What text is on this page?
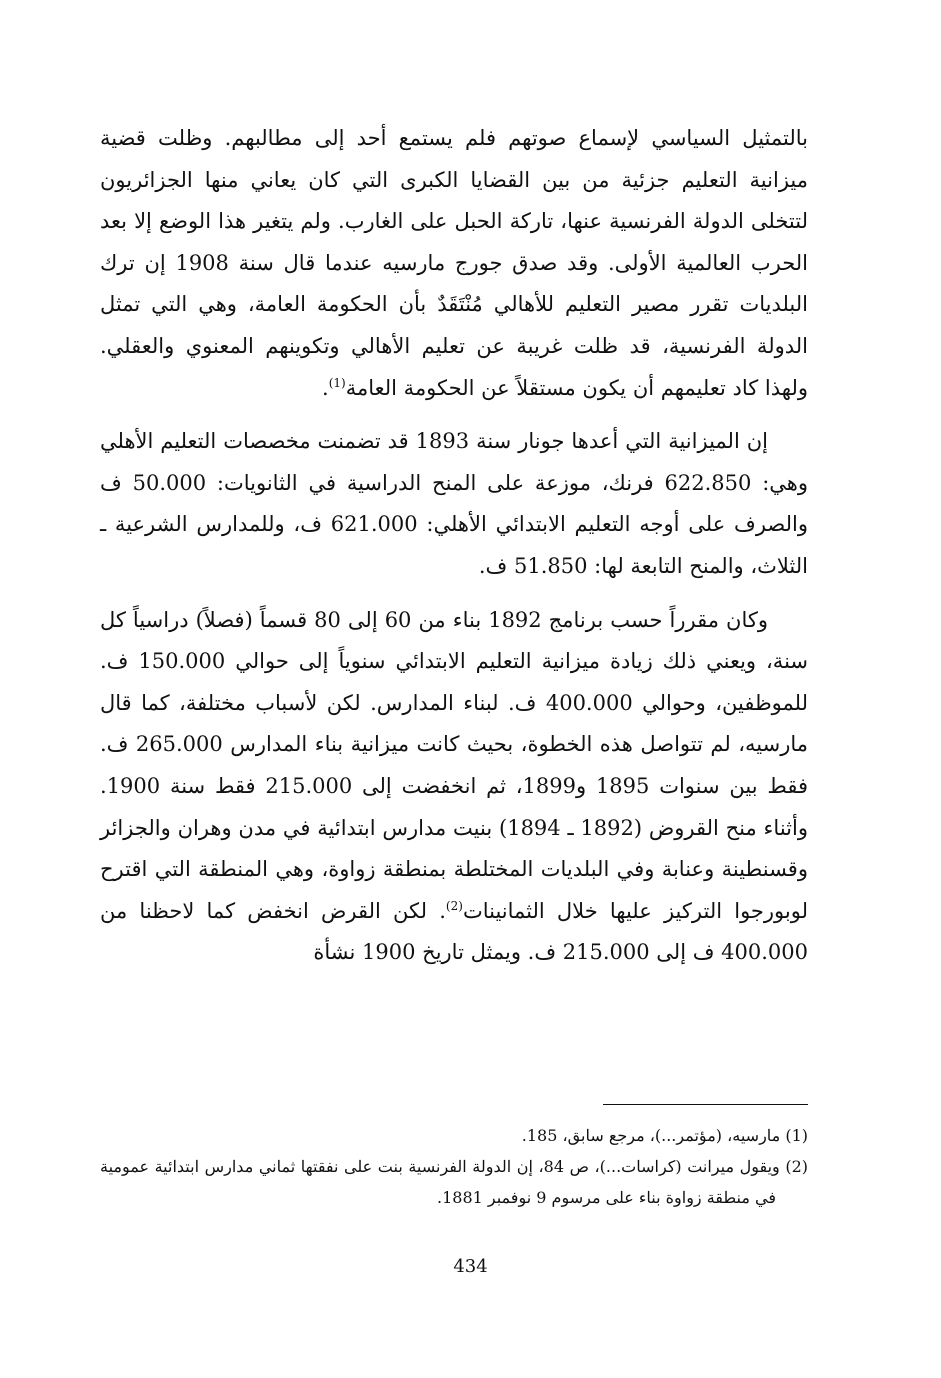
بالتمثيل السياسي لإسماع صوتهم فلم يستمع أحد إلى مطالبهم. وظلت قضية ميزانية التعليم جزئية من بين القضايا الكبرى التي كان يعاني منها الجزائريون لتتخلى الدولة الفرنسية عنها، تاركة الحبل على الغارب. ولم يتغير هذا الوضع إلا بعد الحرب العالمية الأولى. وقد صدق جورج مارسيه عندما قال سنة 1908 إن ترك البلديات تقرر مصير التعليم للأهالي مُنْتَقَدٌ بأن الحكومة العامة، وهي التي تمثل الدولة الفرنسية، قد ظلت غريبة عن تعليم الأهالي وتكوينهم المعنوي والعقلي. ولهذا كاد تعليمهم أن يكون مستقلاً عن الحكومة العامة$^{(1)}$.

إن الميزانية التي أعدها جونار سنة 1893 قد تضمنت مخصصات التعليم الأهلي وهي: 622.850 فرنك، موزعة على المنح الدراسية في الثانويات: 50.000 ف والصرف على أوجه التعليم الابتدائي الأهلي: 621.000 ف، وللمدارس الشرعية ـ الثلاث، والمنح التابعة لها: 51.850 ف.

وكان مقرراً حسب برنامج 1892 بناء من 60 إلى 80 قسماً (فصلاً) دراسياً كل سنة، ويعني ذلك زيادة ميزانية التعليم الابتدائي سنوياً إلى حوالي 150.000 ف. للموظفين، وحوالي 400.000 ف. لبناء المدارس. لكن لأسباب مختلفة، كما قال مارسيه، لم تتواصل هذه الخطوة، بحيث كانت ميزانية بناء المدارس 265.000 ف. فقط بين سنوات 1895 و1899، ثم انخفضت إلى 215.000 فقط سنة 1900. وأثناء منح القروض (1892 ـ 1894) بنيت مدارس ابتدائية في مدن وهران والجزائر وقسنطينة وعنابة وفي البلديات المختلطة بمنطقة زواوة، وهي المنطقة التي اقترح لوبورجوا التركيز عليها خلال الثمانينات$^{(2)}$. لكن القرض انخفض كما لاحظنا من 400.000 ف إلى 215.000 ف. ويمثل تاريخ 1900 نشأة

(1) مارسيه، (مؤتمر...)، مرجع سابق، 185.

(2) ويقول ميرانت (كراسات...)، ص 84، إن الدولة الفرنسية بنت على نفقتها ثماني مدارس ابتدائية عمومية في منطقة زواوة بناء على مرسوم 9 نوفمبر 1881.

434
